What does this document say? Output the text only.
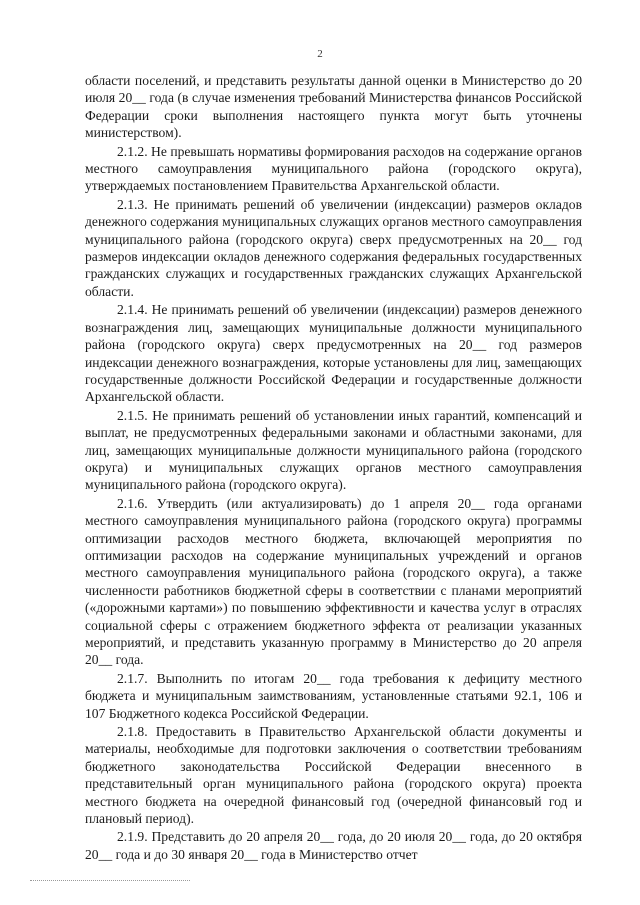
2

области поселений, и представить результаты данной оценки в Министерство до 20 июля 20__ года (в случае изменения требований Министерства финансов Российской Федерации сроки выполнения настоящего пункта могут быть уточнены министерством).

2.1.2. Не превышать нормативы формирования расходов на содержание органов местного самоуправления муниципального района (городского округа), утверждаемых постановлением Правительства Архангельской области.

2.1.3. Не принимать решений об увеличении (индексации) размеров окладов денежного содержания муниципальных служащих органов местного самоуправления муниципального района (городского округа) сверх предусмотренных на 20__ год размеров индексации окладов денежного содержания федеральных государственных гражданских служащих и государственных гражданских служащих Архангельской области.

2.1.4. Не принимать решений об увеличении (индексации) размеров денежного вознаграждения лиц, замещающих муниципальные должности муниципального района (городского округа) сверх предусмотренных на 20__ год размеров индексации денежного вознаграждения, которые установлены для лиц, замещающих государственные должности Российской Федерации и государственные должности Архангельской области.

2.1.5. Не принимать решений об установлении иных гарантий, компенсаций и выплат, не предусмотренных федеральными законами и областными законами, для лиц, замещающих муниципальные должности муниципального района (городского округа) и муниципальных служащих органов местного самоуправления муниципального района (городского округа).

2.1.6. Утвердить (или актуализировать) до 1 апреля 20__ года органами местного самоуправления муниципального района (городского округа) программы оптимизации расходов местного бюджета, включающей мероприятия по оптимизации расходов на содержание муниципальных учреждений и органов местного самоуправления муниципального района (городского округа), а также численности работников бюджетной сферы в соответствии с планами мероприятий («дорожными картами») по повышению эффективности и качества услуг в отраслях социальной сферы с отражением бюджетного эффекта от реализации указанных мероприятий, и представить указанную программу в Министерство до 20 апреля 20__ года.

2.1.7. Выполнить по итогам 20__ года требования к дефициту местного бюджета и муниципальным заимствованиям, установленные статьями 92.1, 106 и 107 Бюджетного кодекса Российской Федерации.

2.1.8. Предоставить в Правительство Архангельской области документы и материалы, необходимые для подготовки заключения о соответствии требованиям бюджетного законодательства Российской Федерации внесенного в представительный орган муниципального района (городского округа) проекта местного бюджета на очередной финансовый год (очередной финансовый год и плановый период).

2.1.9. Представить до 20 апреля 20__ года, до 20 июля 20__ года, до 20 октября 20__ года и до 30 января 20__ года в Министерство отчет
